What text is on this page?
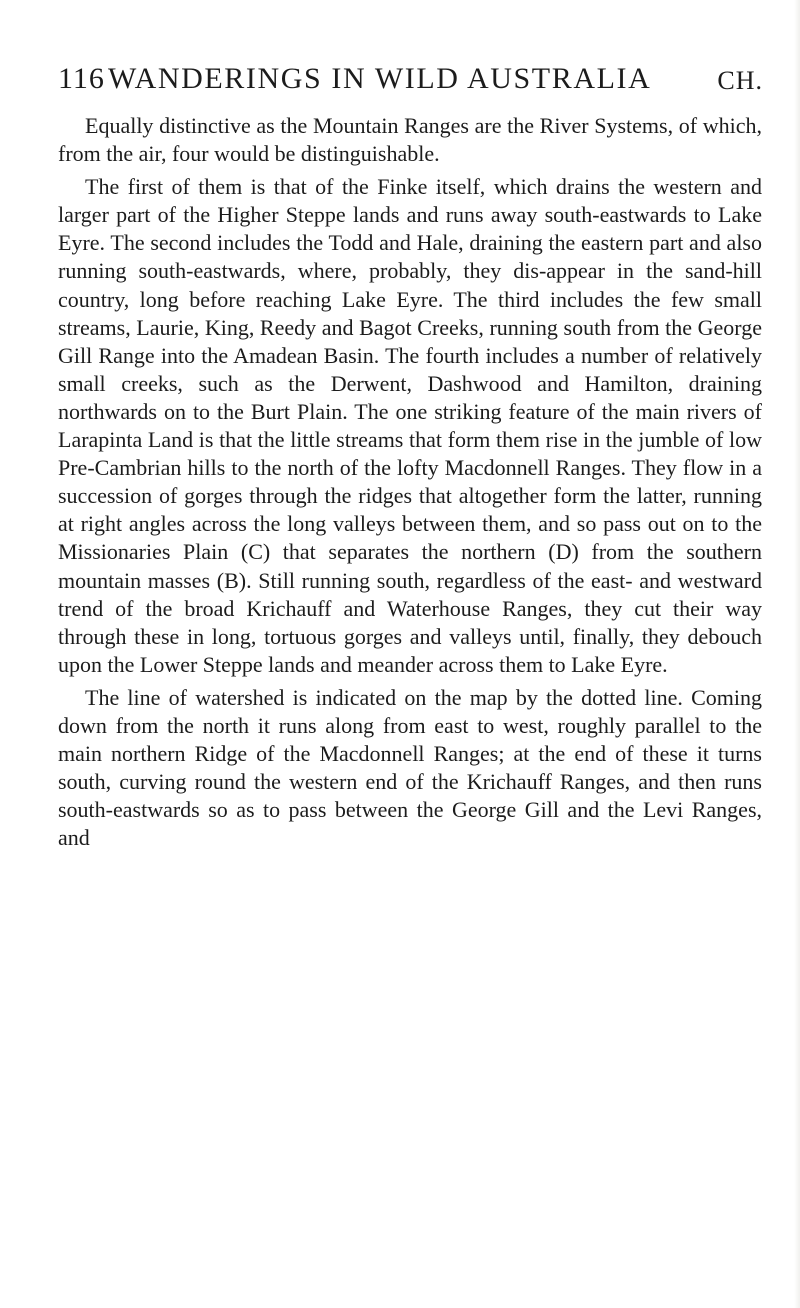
116 WANDERINGS IN WILD AUSTRALIA	CH.

Equally distinctive as the Mountain Ranges are the River Systems, of which, from the air, four would be distinguishable.

The first of them is that of the Finke itself, which drains the western and larger part of the Higher Steppe lands and runs away south-eastwards to Lake Eyre. The second includes the Todd and Hale, draining the eastern part and also running south-eastwards, where, probably, they dis-appear in the sand-hill country, long before reaching Lake Eyre. The third includes the few small streams, Laurie, King, Reedy and Bagot Creeks, running south from the George Gill Range into the Amadean Basin. The fourth includes a number of relatively small creeks, such as the Derwent, Dashwood and Hamilton, draining northwards on to the Burt Plain. The one striking feature of the main rivers of Larapinta Land is that the little streams that form them rise in the jumble of low Pre-Cambrian hills to the north of the lofty Macdonnell Ranges. They flow in a succession of gorges through the ridges that altogether form the latter, running at right angles across the long valleys between them, and so pass out on to the Missionaries Plain (C) that separates the northern (D) from the southern mountain masses (B). Still running south, regardless of the east- and westward trend of the broad Krichauff and Waterhouse Ranges, they cut their way through these in long, tortuous gorges and valleys until, finally, they debouch upon the Lower Steppe lands and meander across them to Lake Eyre.

The line of watershed is indicated on the map by the dotted line. Coming down from the north it runs along from east to west, roughly parallel to the main northern Ridge of the Macdonnell Ranges; at the end of these it turns south, curving round the western end of the Krichauff Ranges, and then runs south-eastwards so as to pass between the George Gill and the Levi Ranges, and
